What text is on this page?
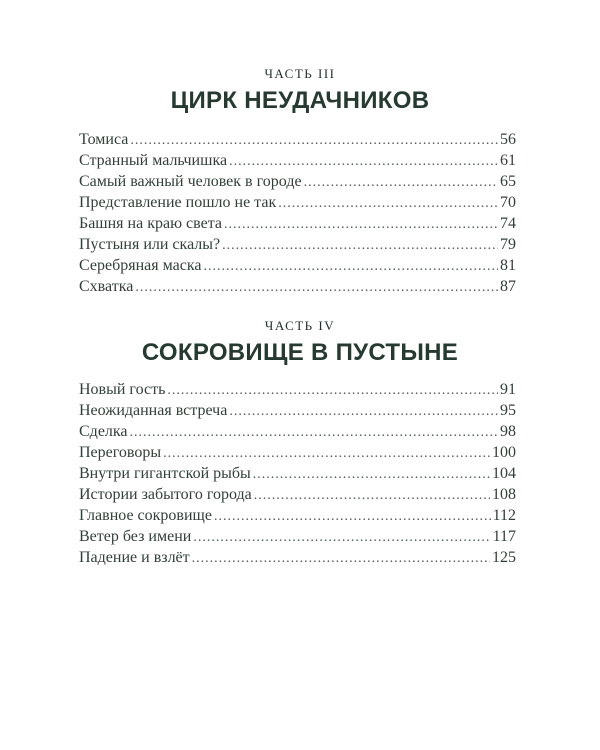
ЧАСТЬ III

ЦИРК НЕУДАЧНИКОВ
Томиса .....	56
Странный мальчишка .....	61
Самый важный человек в городе .....	65
Представление пошло не так .....	70
Башня на краю света .....	74
Пустыня или скалы? .....	79
Серебряная маска .....	81
Схватка .....	87

ЧАСТЬ IV

СОКРОВИЩЕ В ПУСТЫНЕ
Новый гость .....	91
Неожиданная встреча .....	95
Сделка .....	98
Переговоры .....	100
Внутри гигантской рыбы .....	104
Истории забытого города .....	108
Главное сокровище .....	112
Ветер без имени .....	117
Падение и взлёт .....	125
